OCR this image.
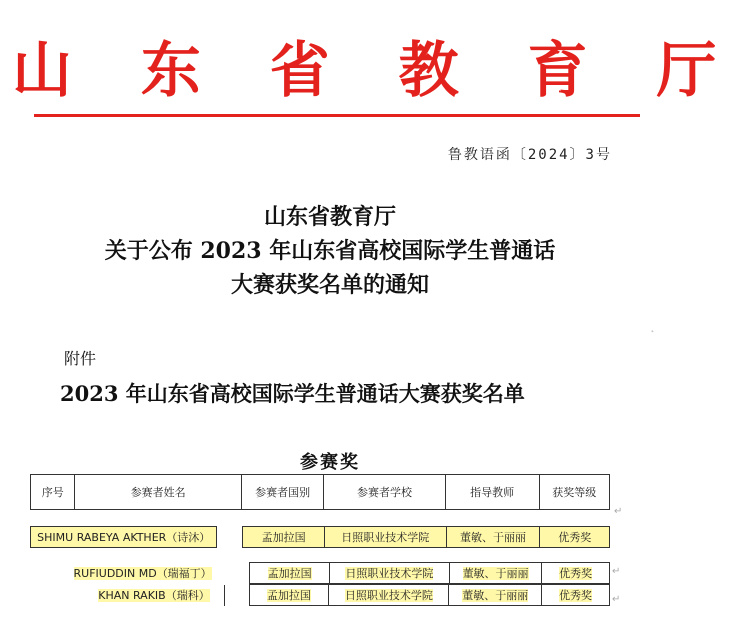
山 东 省 教 育 厅
鲁教语函〔2024〕3号
山东省教育厅
关于公布 2023 年山东省高校国际学生普通话
大赛获奖名单的通知
附件
2023 年山东省高校国际学生普通话大赛获奖名单
参赛奖
序号	参赛者姓名	参赛者国别	参赛者学校	指导教师	获奖等级
SHIMU RABEYA AKTHER（诗沐）		孟加拉国	日照职业技术学院	董敏、于丽丽	优秀奖
RUFIUDDIN MD（瑞福丁）		孟加拉国	日照职业技术学院	董敏、于丽丽	优秀奖
KHAN RAKIB（瑞科）		孟加拉国	日照职业技术学院	董敏、于丽丽	优秀奖
↵
↵
↵
˛
